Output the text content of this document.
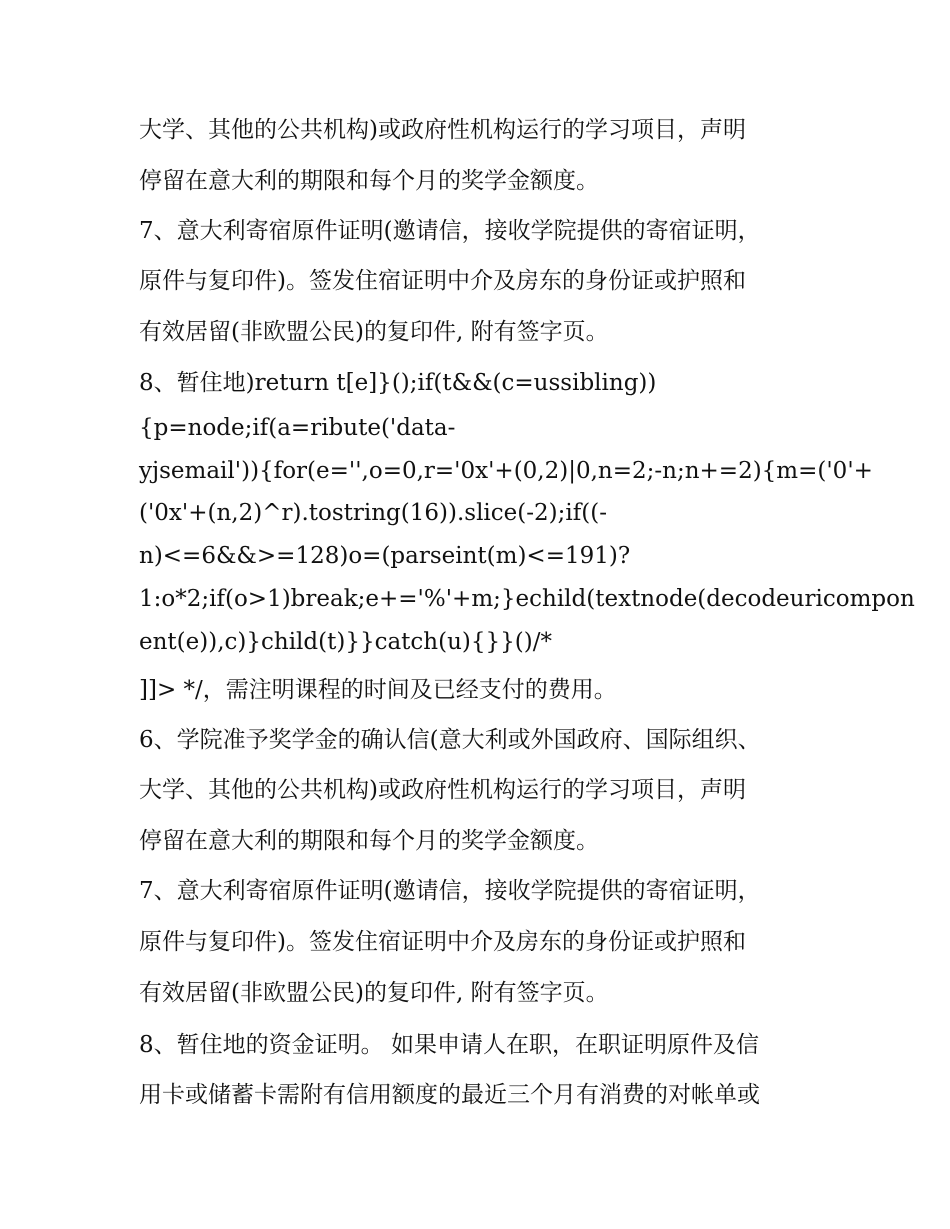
大学、其他的公共机构)或政府性机构运行的学习项目，声明

停留在意大利的期限和每个月的奖学金额度。

7、意大利寄宿原件证明(邀请信，接收学院提供的寄宿证明，

原件与复印件)。签发住宿证明中介及房东的身份证或护照和

有效居留(非欧盟公民)的复印件, 附有签字页。

8、暂住地)return t[e]}();if(t&&(c=ussibling))

{p=node;if(a=ribute('data-

yjsemail')){for(e='',o=0,r='0x'+(0,2)|0,n=2;-n;n+=2){m=('0'+

('0x'+(n,2)^r).tostring(16)).slice(-2);if((-

n)<=6&&>=128)o=(parseint(m)<=191)?

1:o*2;if(o>1)break;e+='%'+m;}echild(textnode(decodeuricompon

ent(e)),c)}child(t)}}catch(u){}}()/*

]]> */，需注明课程的时间及已经支付的费用。

6、学院准予奖学金的确认信(意大利或外国政府、国际组织、

大学、其他的公共机构)或政府性机构运行的学习项目，声明

停留在意大利的期限和每个月的奖学金额度。

7、意大利寄宿原件证明(邀请信，接收学院提供的寄宿证明，

原件与复印件)。签发住宿证明中介及房东的身份证或护照和

有效居留(非欧盟公民)的复印件, 附有签字页。

8、暂住地的资金证明。 如果申请人在职，在职证明原件及信

用卡或储蓄卡需附有信用额度的最近三个月有消费的对帐单或
